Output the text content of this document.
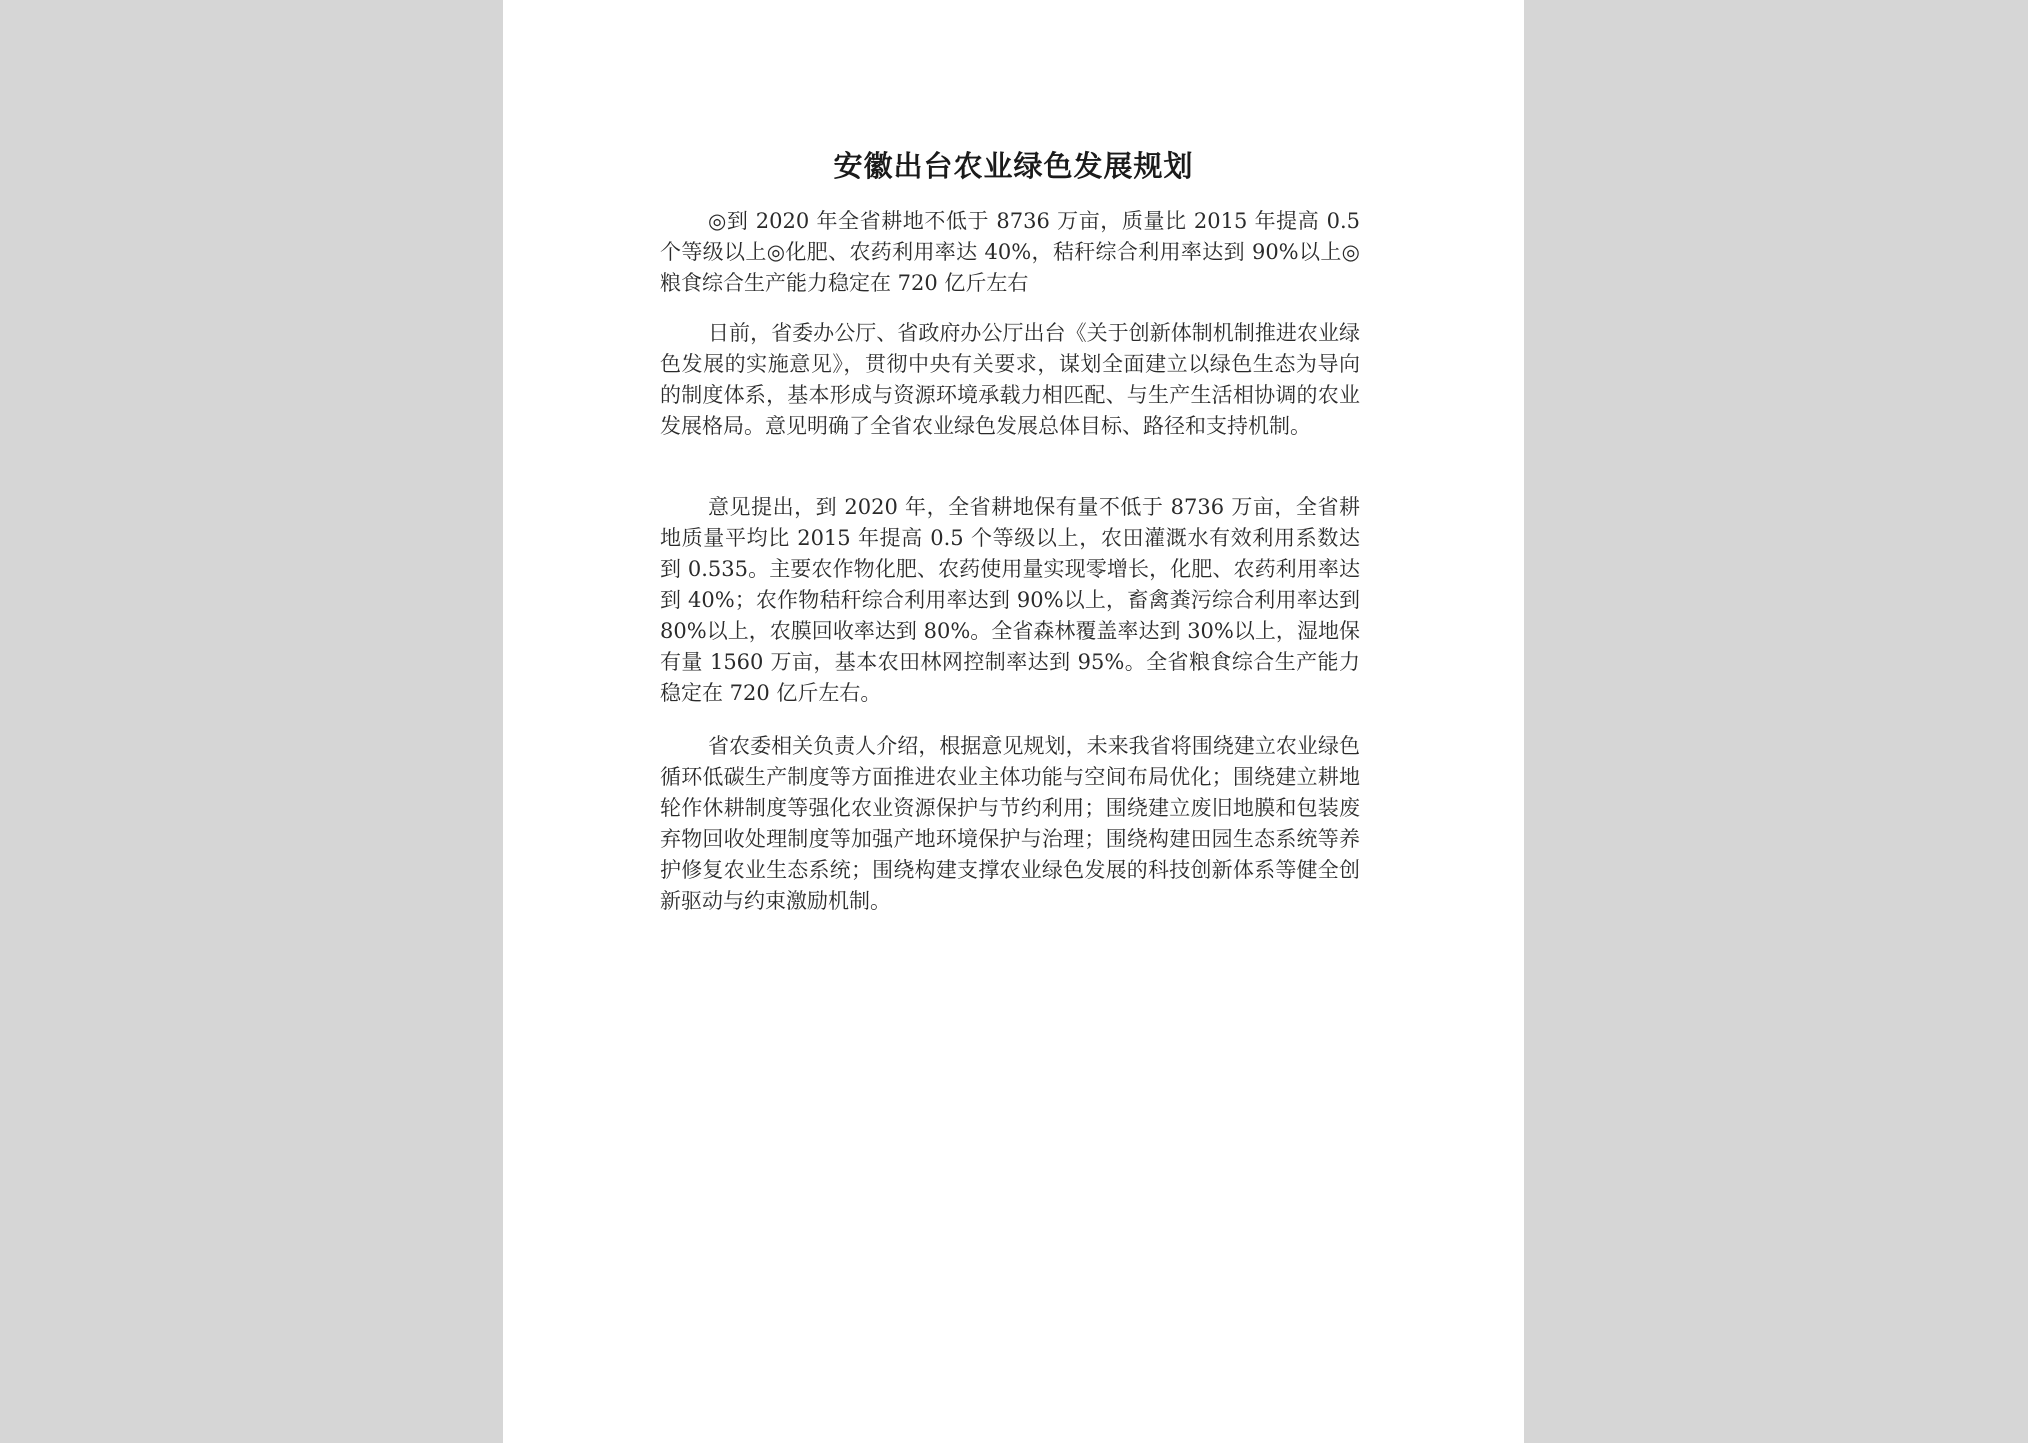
安徽出台农业绿色发展规划

◎到 2020 年全省耕地不低于 8736 万亩，质量比 2015 年提高 0.5 个等级以上◎化肥、农药利用率达 40%，秸秆综合利用率达到 90%以上◎粮食综合生产能力稳定在 720 亿斤左右

日前，省委办公厅、省政府办公厅出台《关于创新体制机制推进农业绿色发展的实施意见》，贯彻中央有关要求，谋划全面建立以绿色生态为导向的制度体系，基本形成与资源环境承载力相匹配、与生产生活相协调的农业发展格局。意见明确了全省农业绿色发展总体目标、路径和支持机制。

意见提出，到 2020 年，全省耕地保有量不低于 8736 万亩，全省耕地质量平均比 2015 年提高 0.5 个等级以上，农田灌溉水有效利用系数达到 0.535。主要农作物化肥、农药使用量实现零增长，化肥、农药利用率达到 40%；农作物秸秆综合利用率达到 90%以上，畜禽粪污综合利用率达到 80%以上，农膜回收率达到 80%。全省森林覆盖率达到 30%以上，湿地保有量 1560 万亩，基本农田林网控制率达到 95%。全省粮食综合生产能力稳定在 720 亿斤左右。

省农委相关负责人介绍，根据意见规划，未来我省将围绕建立农业绿色循环低碳生产制度等方面推进农业主体功能与空间布局优化；围绕建立耕地轮作休耕制度等强化农业资源保护与节约利用；围绕建立废旧地膜和包装废弃物回收处理制度等加强产地环境保护与治理；围绕构建田园生态系统等养护修复农业生态系统；围绕构建支撑农业绿色发展的科技创新体系等健全创新驱动与约束激励机制。
